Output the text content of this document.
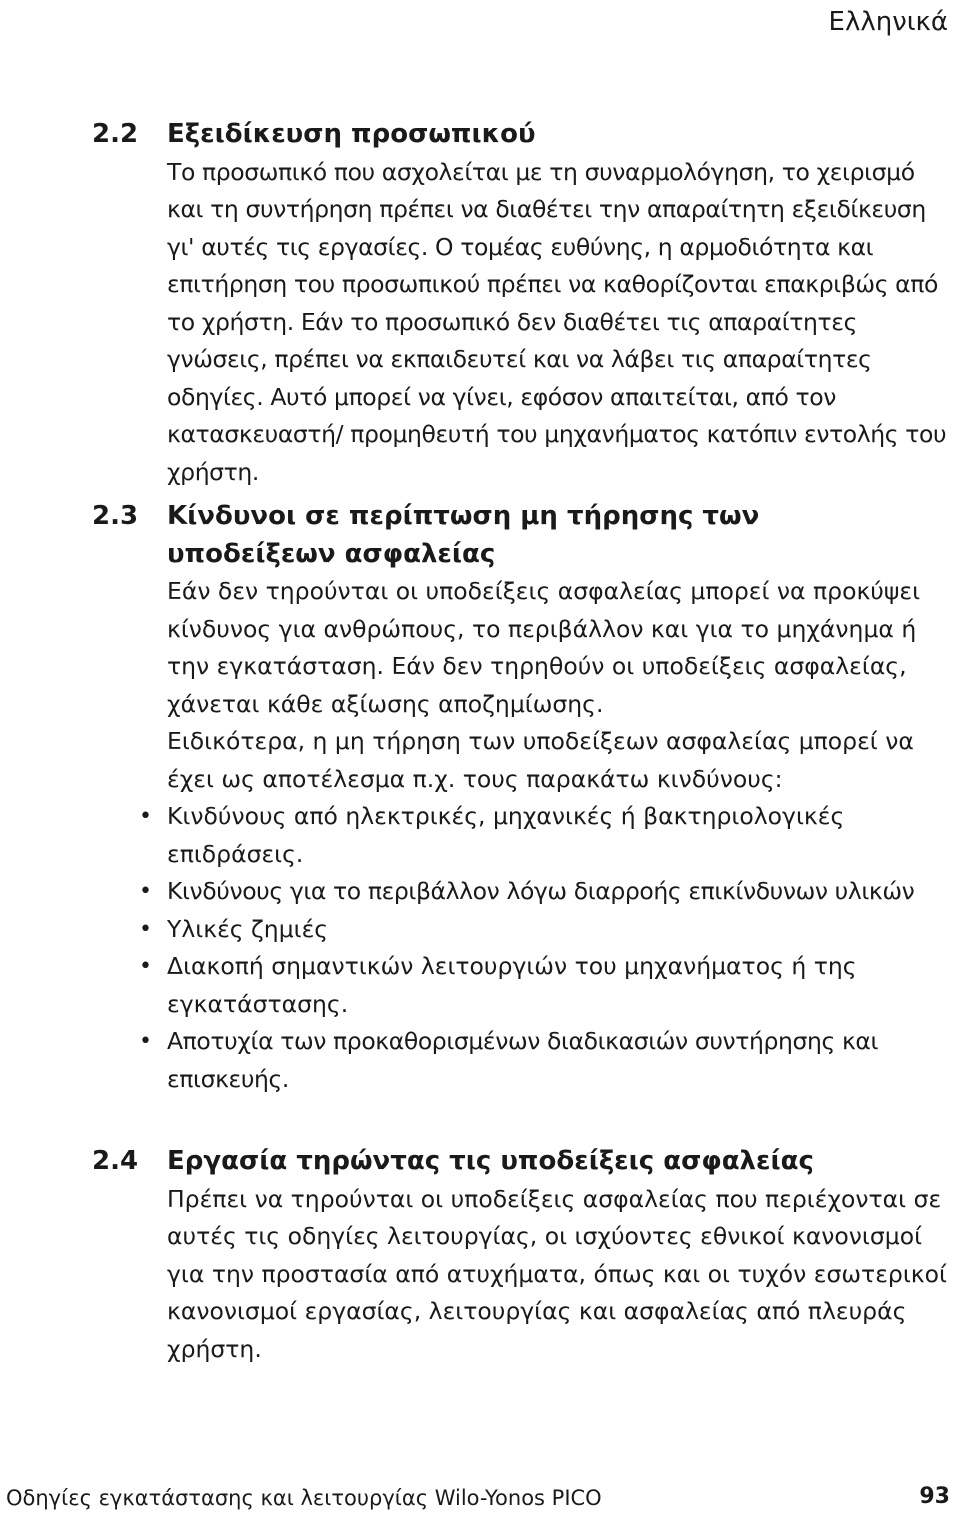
Ελληνικά
2.2	Εξειδίκευση προσωπικού

Το προσωπικό που ασχολείται με τη συναρμολόγηση, το χειρισμό και τη συντήρηση πρέπει να διαθέτει την απαραίτητη εξειδίκευση γι' αυτές τις εργασίες. Ο τομέας ευθύνης, η αρμοδιότητα και επιτήρηση του προσωπικού πρέπει να καθορίζονται επακριβώς από το χρήστη. Εάν το προσωπικό δεν διαθέτει τις απαραίτητες γνώσεις, πρέπει να εκπαιδευτεί και να λάβει τις απαραίτητες οδηγίες. Αυτό μπορεί να γίνει, εφόσον απαιτείται, από τον κατασκευαστή/ προμηθευτή του μηχανήματος κατόπιν εντολής του χρήστη.

2.3	Κίνδυνοι σε περίπτωση μη τήρησης των υποδείξεων ασφαλείας

Εάν δεν τηρούνται οι υποδείξεις ασφαλείας μπορεί να προκύψει κίνδυνος για ανθρώπους, το περιβάλλον και για το μηχάνημα ή την εγκατάσταση. Εάν δεν τηρηθούν οι υποδείξεις ασφαλείας, χάνεται κάθε αξίωσης αποζημίωσης.

Ειδικότερα, η μη τήρηση των υποδείξεων ασφαλείας μπορεί να έχει ως αποτέλεσμα π.χ. τους παρακάτω κινδύνους:

• Κινδύνους από ηλεκτρικές, μηχανικές ή βακτηριολογικές επιδράσεις.
• Κινδύνους για το περιβάλλον λόγω διαρροής επικίνδυνων υλικών
• Υλικές ζημιές
• Διακοπή σημαντικών λειτουργιών του μηχανήματος ή της εγκατάστασης.
• Αποτυχία των προκαθορισμένων διαδικασιών συντήρησης και επισκευής.
2.4	Εργασία τηρώντας τις υποδείξεις ασφαλείας

Πρέπει να τηρούνται οι υποδείξεις ασφαλείας που περιέχονται σε αυτές τις οδηγίες λειτουργίας, οι ισχύοντες εθνικοί κανονισμοί για την προστασία από ατυχήματα, όπως και οι τυχόν εσωτερικοί κανονισμοί εργασίας, λειτουργίας και ασφαλείας από πλευράς χρήστη.

Οδηγίες εγκατάστασης και λειτουργίας Wilo-Yonos PICO	93
